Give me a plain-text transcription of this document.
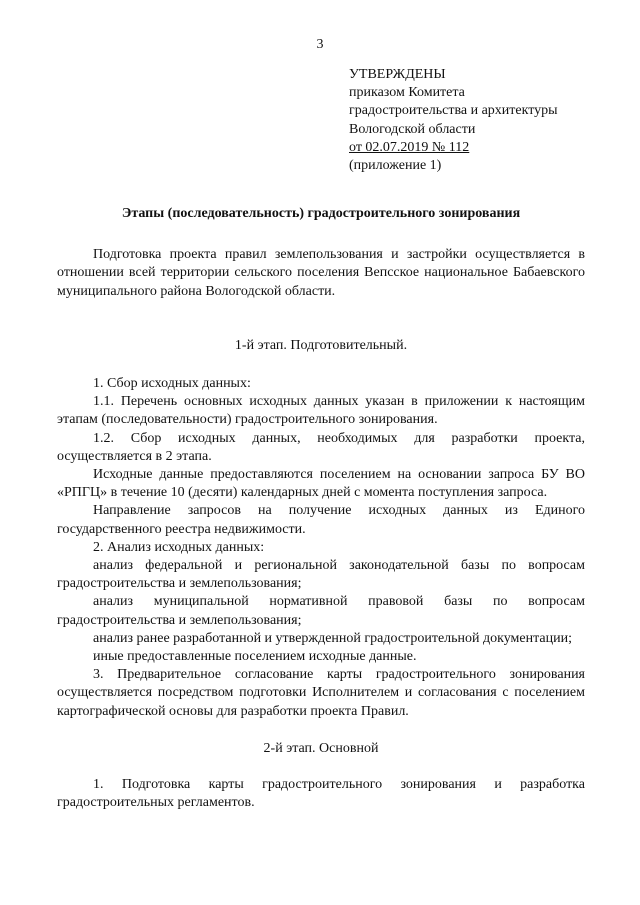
3
УТВЕРЖДЕНЫ
приказом Комитета
градостроительства и архитектуры
Вологодской области
от 02.07.2019 № 112
(приложение 1)
Этапы (последовательность) градостроительного зонирования

Подготовка проекта правил землепользования и застройки осуществляется в отношении всей территории сельского поселения Вепсское национальное Бабаевского муниципального района Вологодской области.

1-й этап. Подготовительный.

1. Сбор исходных данных:

1.1. Перечень основных исходных данных указан в приложении к настоящим этапам (последовательности) градостроительного зонирования.

1.2. Сбор исходных данных, необходимых для разработки проекта, осуществляется в 2 этапа.

Исходные данные предоставляются поселением на основании запроса БУ ВО «РПГЦ» в течение 10 (десяти) календарных дней с момента поступления запроса.

Направление запросов на получение исходных данных из Единого государственного реестра недвижимости.

2. Анализ исходных данных:

анализ федеральной и региональной законодательной базы по вопросам градостроительства и землепользования;

анализ муниципальной нормативной правовой базы по вопросам градостроительства и землепользования;

анализ ранее разработанной и утвержденной градостроительной документации;

иные предоставленные поселением исходные данные.

3. Предварительное согласование карты градостроительного зонирования осуществляется посредством подготовки Исполнителем и согласования с поселением картографической основы для разработки проекта Правил.

2-й этап. Основной

1. Подготовка карты градостроительного зонирования и разработка градостроительных регламентов.
